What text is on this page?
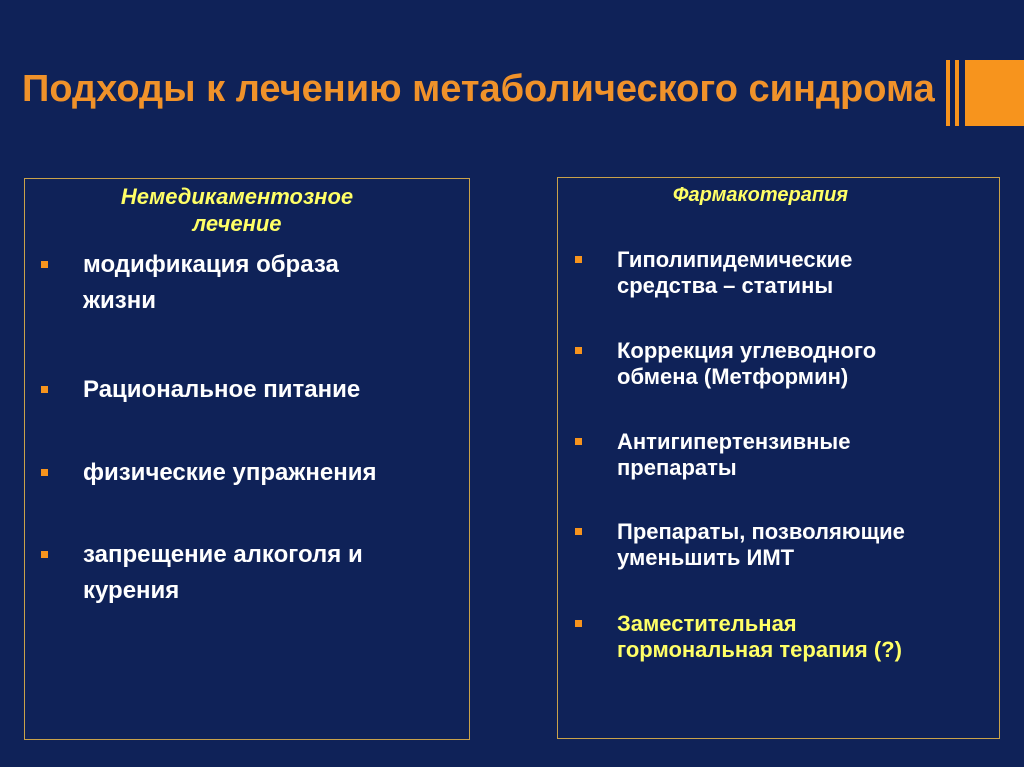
Подходы к лечению метаболического синдрома
Немедикаментозное
лечение
модификация образа
жизни
Рациональное питание
физические упражнения
запрещение алкоголя и
курения
Фармакотерапия
Гиполипидемические
средства – статины
Коррекция углеводного
обмена (Метформин)
Антигипертензивные
препараты
Препараты, позволяющие
уменьшить ИМТ
Заместительная
гормональная терапия (?)
